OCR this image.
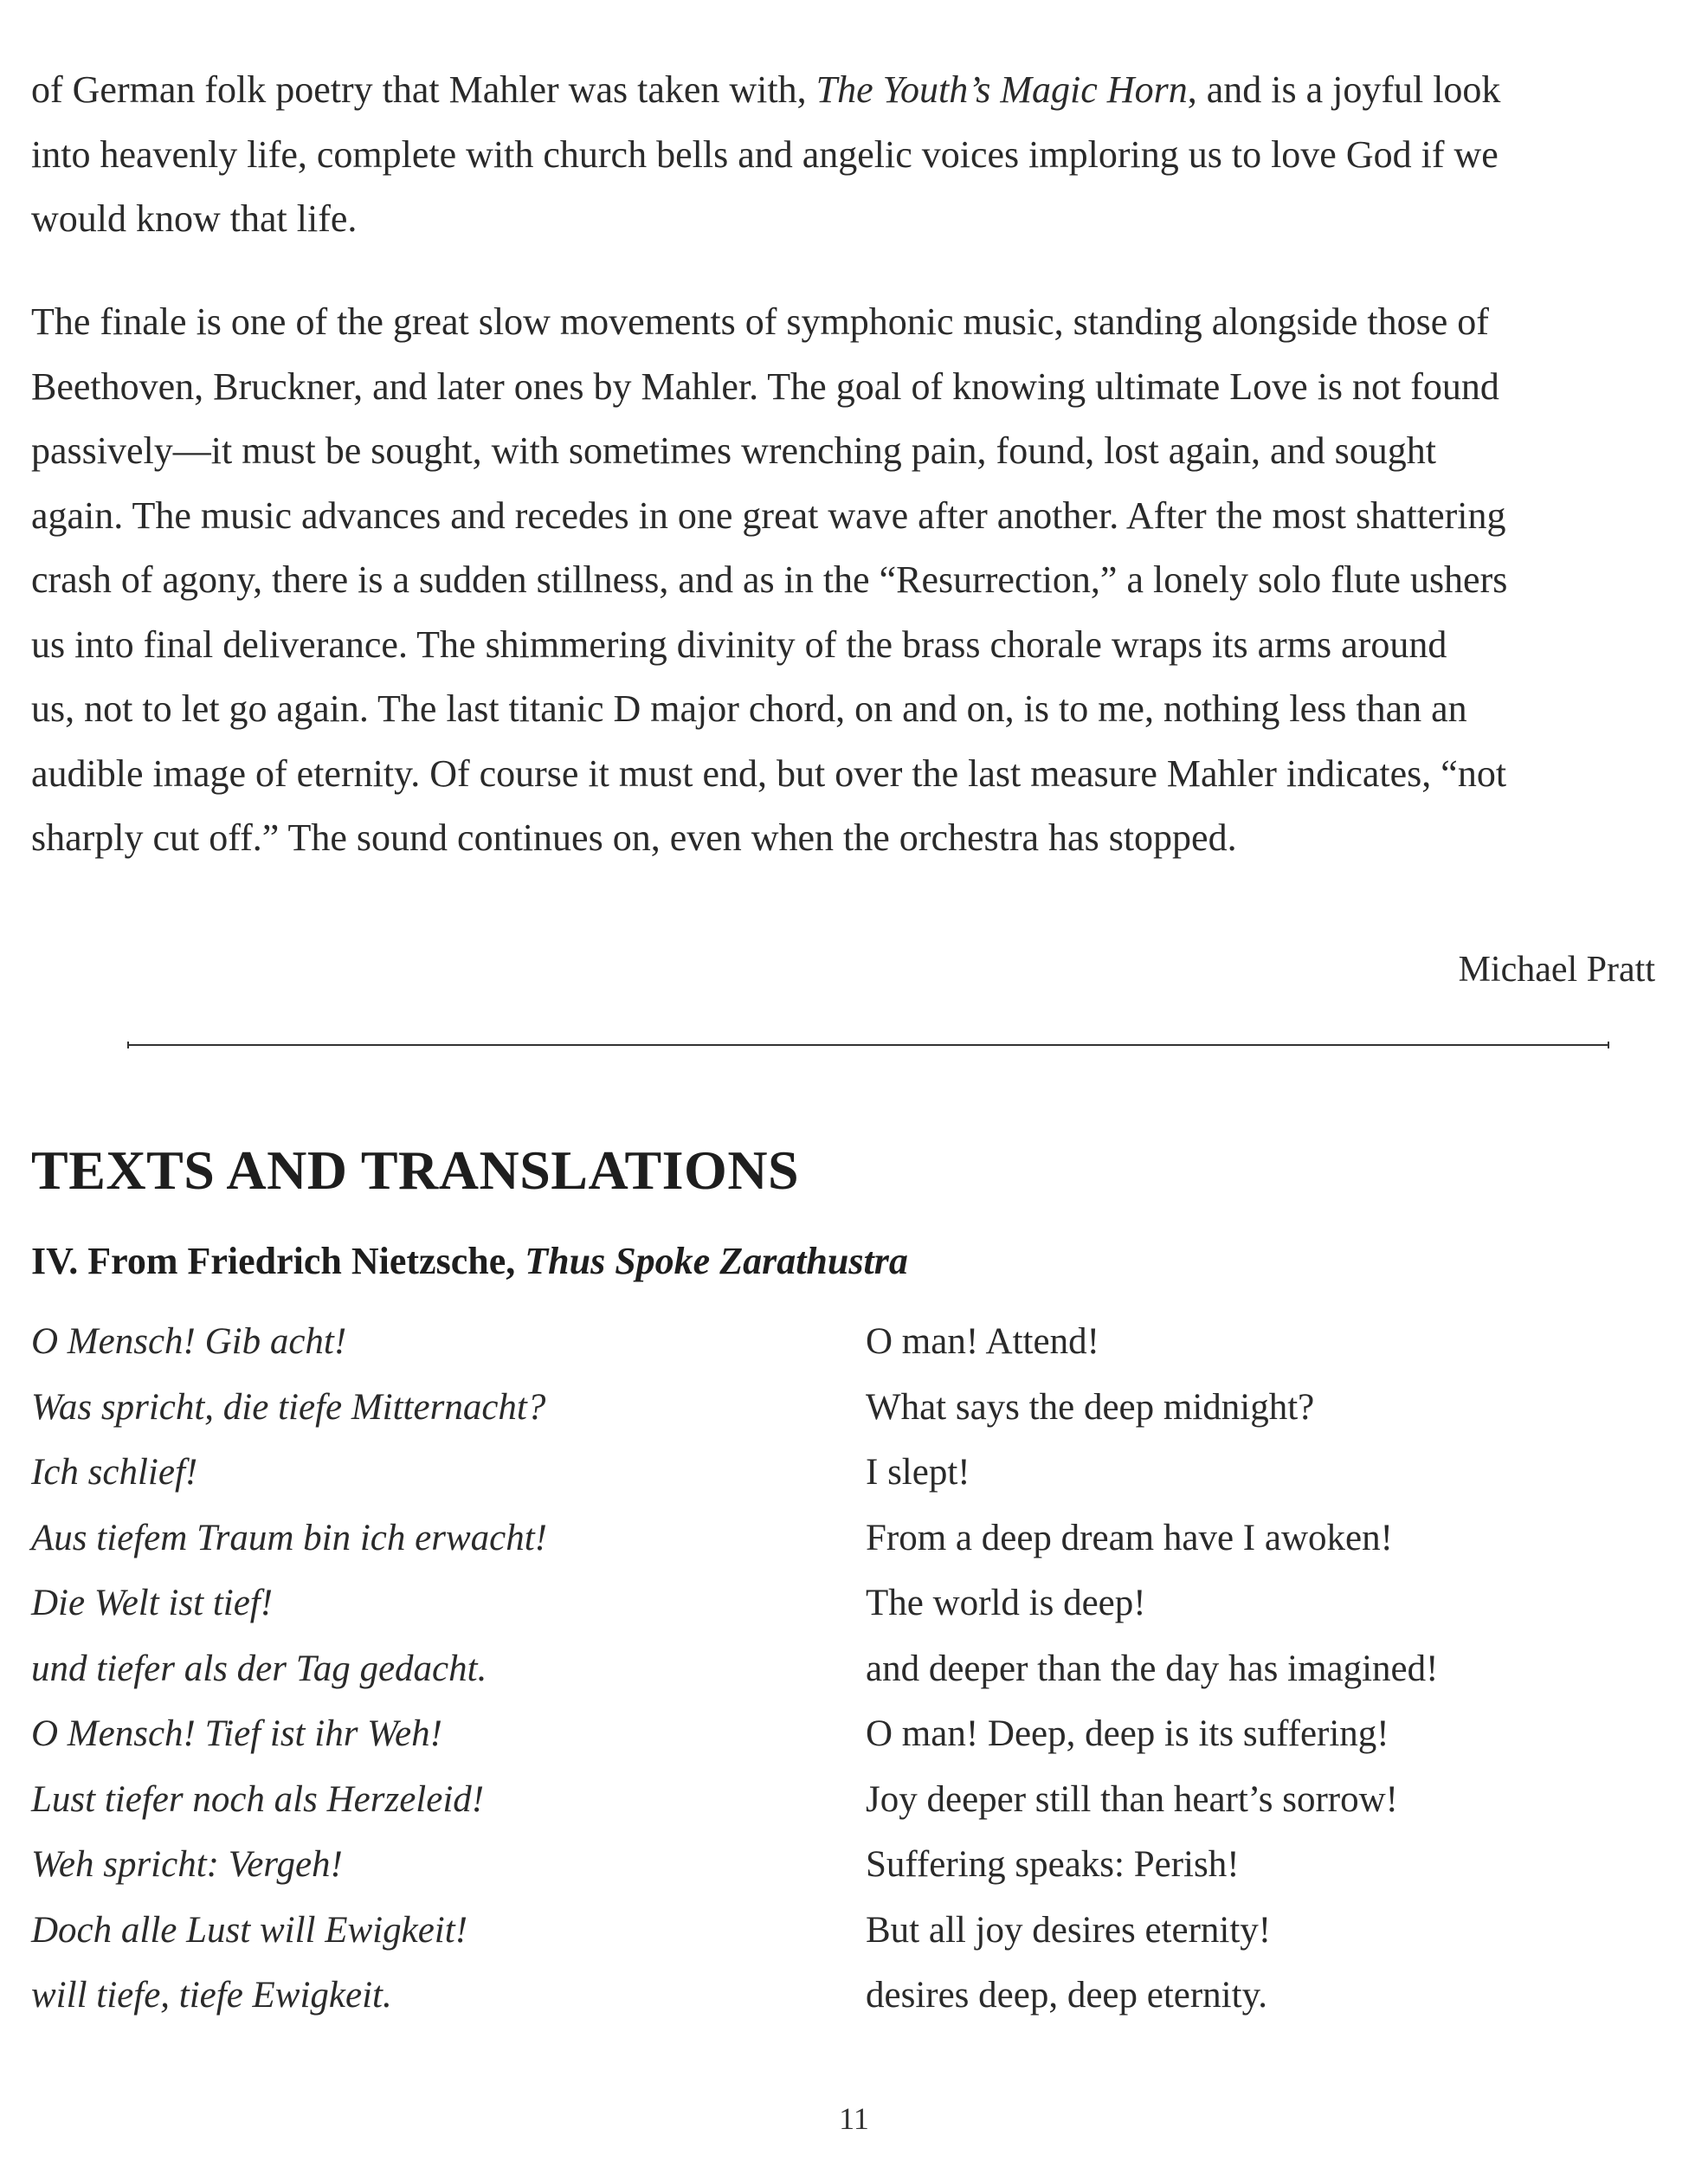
of German folk poetry that Mahler was taken with, The Youth’s Magic Horn, and is a joyful look
into heavenly life, complete with church bells and angelic voices imploring us to love God if we
would know that life.

The finale is one of the great slow movements of symphonic music, standing alongside those of
Beethoven, Bruckner, and later ones by Mahler. The goal of knowing ultimate Love is not found
passively—it must be sought, with sometimes wrenching pain, found, lost again, and sought
again. The music advances and recedes in one great wave after another. After the most shattering
crash of agony, there is a sudden stillness, and as in the “Resurrection,” a lonely solo flute ushers
us into final deliverance. The shimmering divinity of the brass chorale wraps its arms around
us, not to let go again. The last titanic D major chord, on and on, is to me, nothing less than an
audible image of eternity. Of course it must end, but over the last measure Mahler indicates, “not
sharply cut off.” The sound continues on, even when the orchestra has stopped.

Michael Pratt
TEXTS AND TRANSLATIONS
IV. From Friedrich Nietzsche, Thus Spoke Zarathustra
O Mensch! Gib acht!
Was spricht, die tiefe Mitternacht?
Ich schlief!
Aus tiefem Traum bin ich erwacht!
Die Welt ist tief!
und tiefer als der Tag gedacht.
O Mensch! Tief ist ihr Weh!
Lust tiefer noch als Herzeleid!
Weh spricht: Vergeh!
Doch alle Lust will Ewigkeit!
will tiefe, tiefe Ewigkeit.
O man! Attend!
What says the deep midnight?
I slept!
From a deep dream have I awoken!
The world is deep!
and deeper than the day has imagined!
O man! Deep, deep is its suffering!
Joy deeper still than heart’s sorrow!
Suffering speaks: Perish!
But all joy desires eternity!
desires deep, deep eternity.
11
